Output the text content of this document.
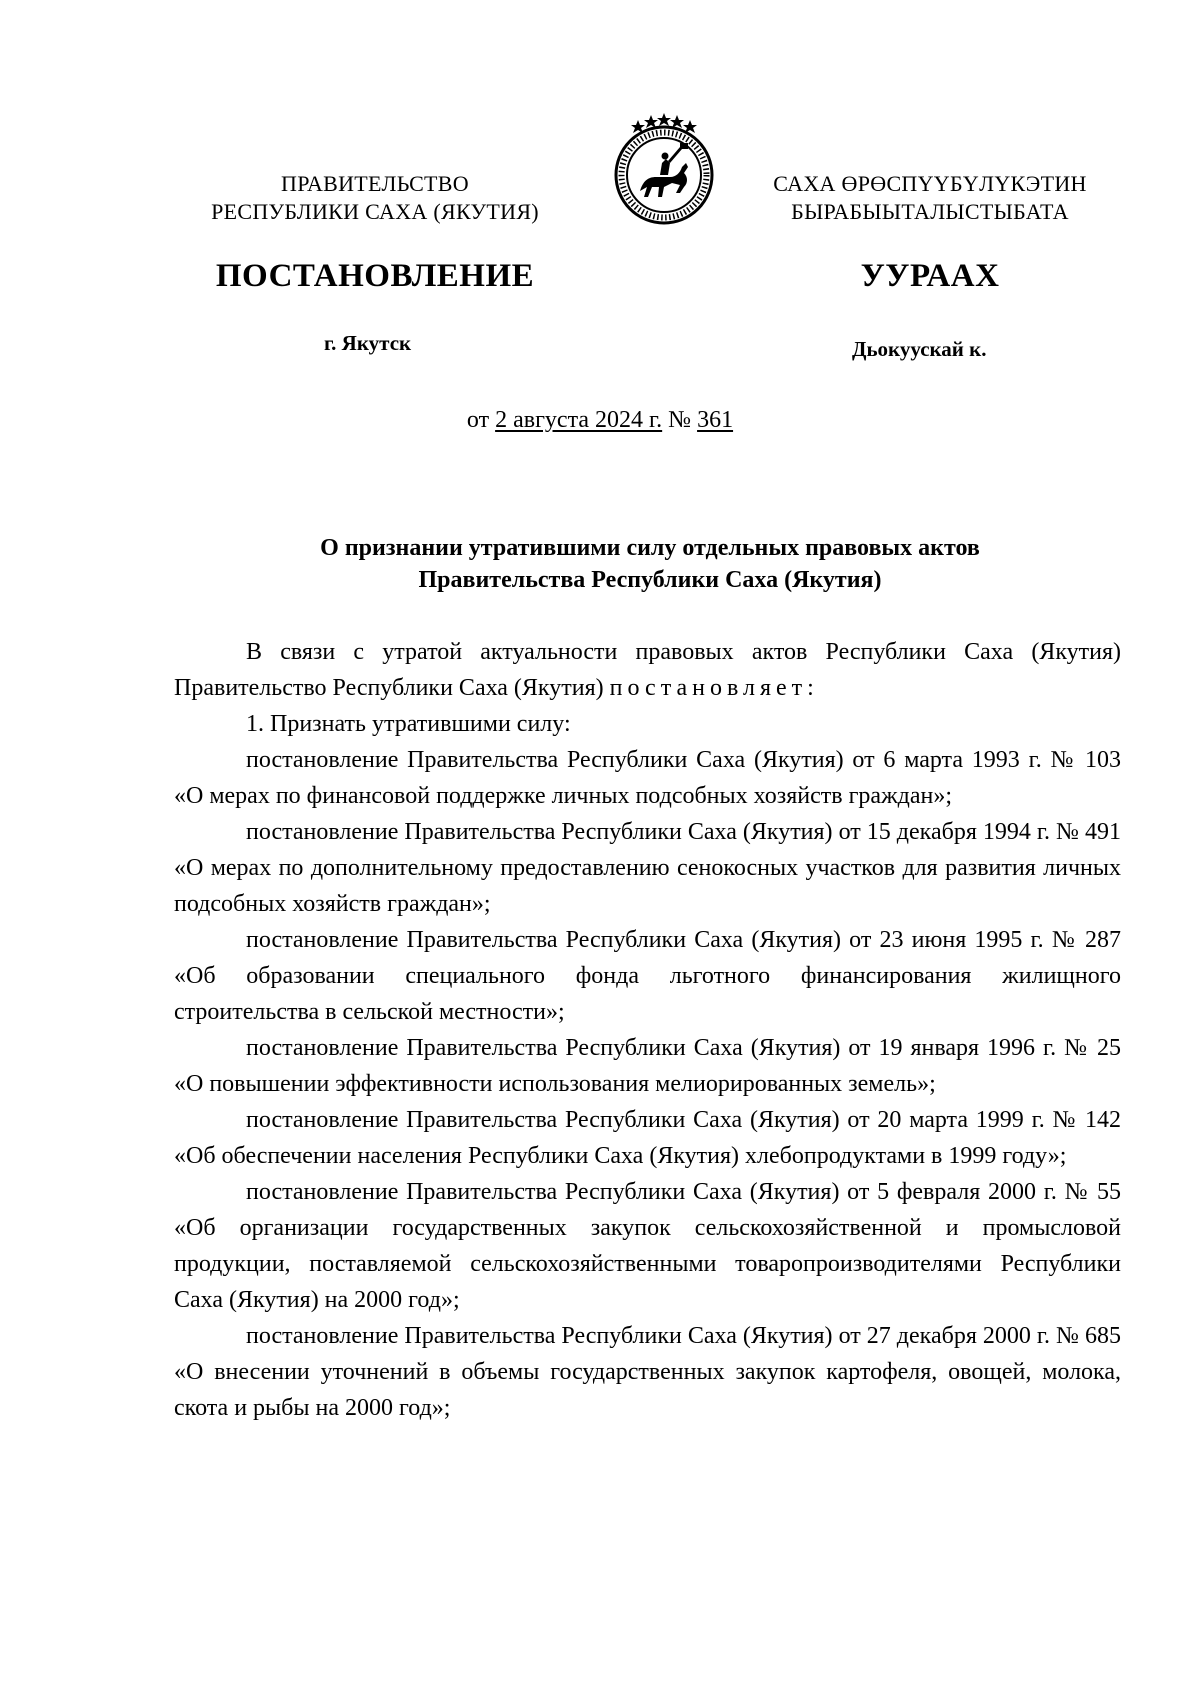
ПРАВИТЕЛЬСТВО
РЕСПУБЛИКИ САХА (ЯКУТИЯ)
САХА ӨРӨСПҮҮБҮЛҮКЭТИН
БЫРАБЫЫТАЛЫСТЫБАТА
ПОСТАНОВЛЕНИЕ	УУРААХ
г. Якутск	Дьокуускай к.
от 2 августа 2024 г. № 361
О признании утратившими силу отдельных правовых актов
Правительства Республики Саха (Якутия)

В связи с утратой актуальности правовых актов Республики Саха (Якутия) Правительство Республики Саха (Якутия) постановляет:

1. Признать утратившими силу:

постановление Правительства Республики Саха (Якутия) от 6 марта 1993 г. № 103 «О мерах по финансовой поддержке личных подсобных хозяйств граждан»;

постановление Правительства Республики Саха (Якутия) от 15 декабря 1994 г. № 491 «О мерах по дополнительному предоставлению сенокосных участков для развития личных подсобных хозяйств граждан»;

постановление Правительства Республики Саха (Якутия) от 23 июня 1995 г. № 287 «Об образовании специального фонда льготного финансирования жилищного строительства в сельской местности»;

постановление Правительства Республики Саха (Якутия) от 19 января 1996 г. № 25 «О повышении эффективности использования мелиорированных земель»;

постановление Правительства Республики Саха (Якутия) от 20 марта 1999 г. № 142 «Об обеспечении населения Республики Саха (Якутия) хлебопродуктами в 1999 году»;

постановление Правительства Республики Саха (Якутия) от 5 февраля 2000 г. № 55 «Об организации государственных закупок сельскохозяйственной и промысловой продукции, поставляемой сельскохозяйственными товаропроизводителями Республики Саха (Якутия) на 2000 год»;

постановление Правительства Республики Саха (Якутия) от 27 декабря 2000 г. № 685 «О внесении уточнений в объемы государственных закупок картофеля, овощей, молока, скота и рыбы на 2000 год»;
